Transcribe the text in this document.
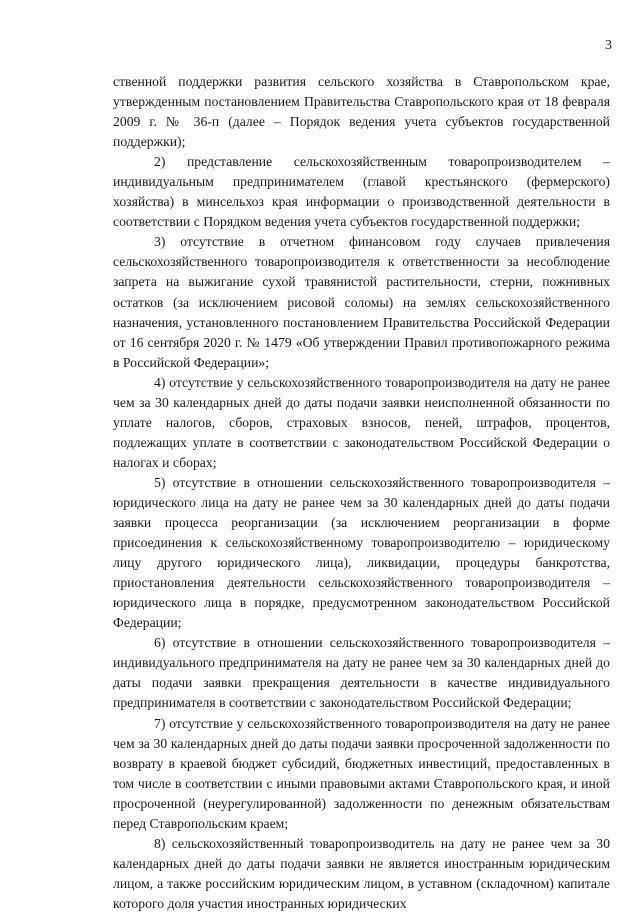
3

ственной поддержки развития сельского хозяйства в Ставропольском крае, утвержденным постановлением Правительства Ставропольского края от 18 февраля 2009 г. № 36-п (далее – Порядок ведения учета субъектов государственной поддержки);

2) представление сельскохозяйственным товаропроизводителем – индивидуальным предпринимателем (главой крестьянского (фермерского) хозяйства) в минсельхоз края информации о производственной деятельности в соответствии с Порядком ведения учета субъектов государственной поддержки;

3) отсутствие в отчетном финансовом году случаев привлечения сельскохозяйственного товаропроизводителя к ответственности за несоблюдение запрета на выжигание сухой травянистой растительности, стерни, пожнивных остатков (за исключением рисовой соломы) на землях сельскохозяйственного назначения, установленного постановлением Правительства Российской Федерации от 16 сентября 2020 г. № 1479 «Об утверждении Правил противопожарного режима в Российской Федерации»;

4) отсутствие у сельскохозяйственного товаропроизводителя на дату не ранее чем за 30 календарных дней до даты подачи заявки неисполненной обязанности по уплате налогов, сборов, страховых взносов, пеней, штрафов, процентов, подлежащих уплате в соответствии с законодательством Российской Федерации о налогах и сборах;

5) отсутствие в отношении сельскохозяйственного товаропроизводителя – юридического лица на дату не ранее чем за 30 календарных дней до даты подачи заявки процесса реорганизации (за исключением реорганизации в форме присоединения к сельскохозяйственному товаропроизводителю – юридическому лицу другого юридического лица), ликвидации, процедуры банкротства, приостановления деятельности сельскохозяйственного товаропроизводителя – юридического лица в порядке, предусмотренном законодательством Российской Федерации;

6) отсутствие в отношении сельскохозяйственного товаропроизводителя – индивидуального предпринимателя на дату не ранее чем за 30 календарных дней до даты подачи заявки прекращения деятельности в качестве индивидуального предпринимателя в соответствии с законодательством Российской Федерации;

7) отсутствие у сельскохозяйственного товаропроизводителя на дату не ранее чем за 30 календарных дней до даты подачи заявки просроченной задолженности по возврату в краевой бюджет субсидий, бюджетных инвестиций, предоставленных в том числе в соответствии с иными правовыми актами Ставропольского края, и иной просроченной (неурегулированной) задолженности по денежным обязательствам перед Ставропольским краем;

8) сельскохозяйственный товаропроизводитель на дату не ранее чем за 30 календарных дней до даты подачи заявки не является иностранным юридическим лицом, а также российским юридическим лицом, в уставном (складочном) капитале которого доля участия иностранных юридических
